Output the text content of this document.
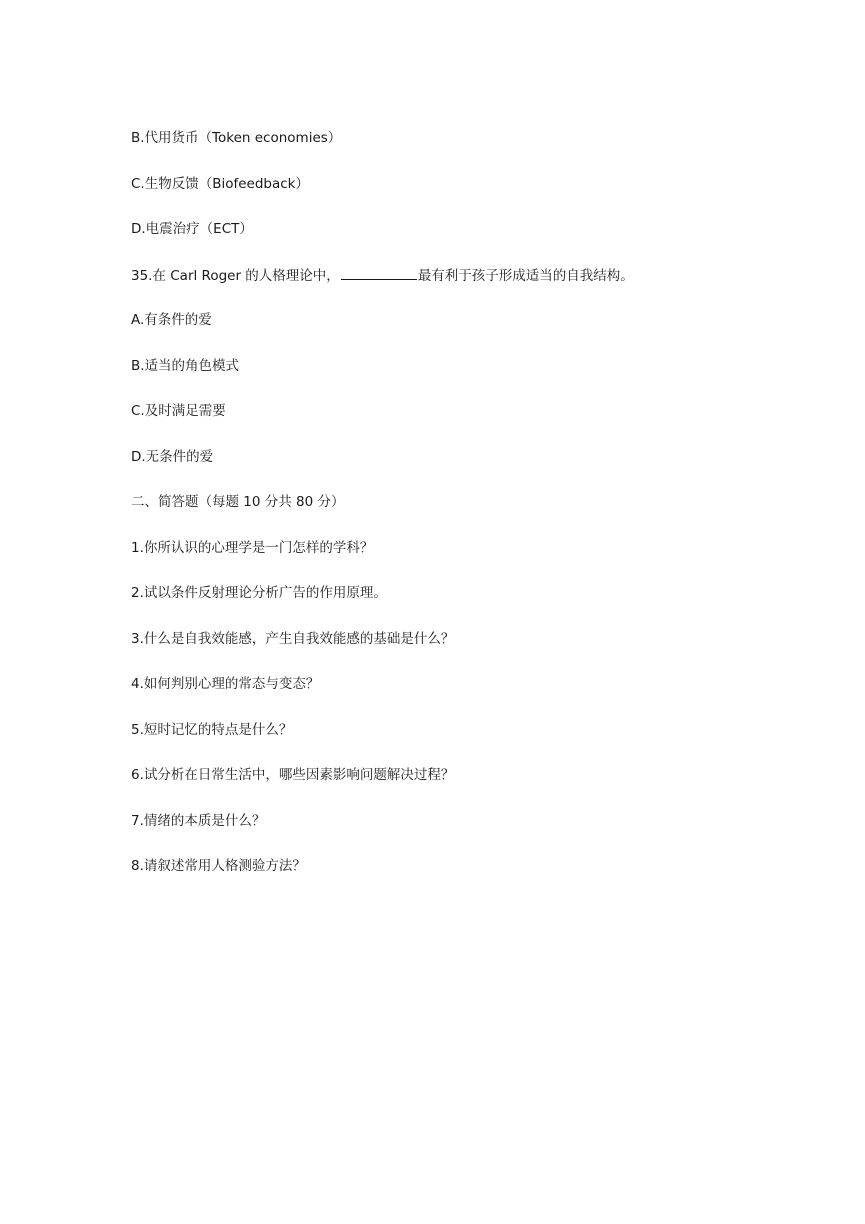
B.代用货币（Token economies）
C.生物反馈（Biofeedback）
D.电震治疗（ECT）
35.在 Carl Roger 的人格理论中，	最有利于孩子形成适当的自我结构。
A.有条件的爱
B.适当的角色模式
C.及时满足需要
D.无条件的爱
二、简答题（每题 10 分共 80 分）
1.你所认识的心理学是一门怎样的学科？
2.试以条件反射理论分析广告的作用原理。
3.什么是自我效能感，产生自我效能感的基础是什么？
4.如何判别心理的常态与变态？
5.短时记忆的特点是什么？
6.试分析在日常生活中，哪些因素影响问题解决过程？
7.情绪的本质是什么？
8.请叙述常用人格测验方法？
